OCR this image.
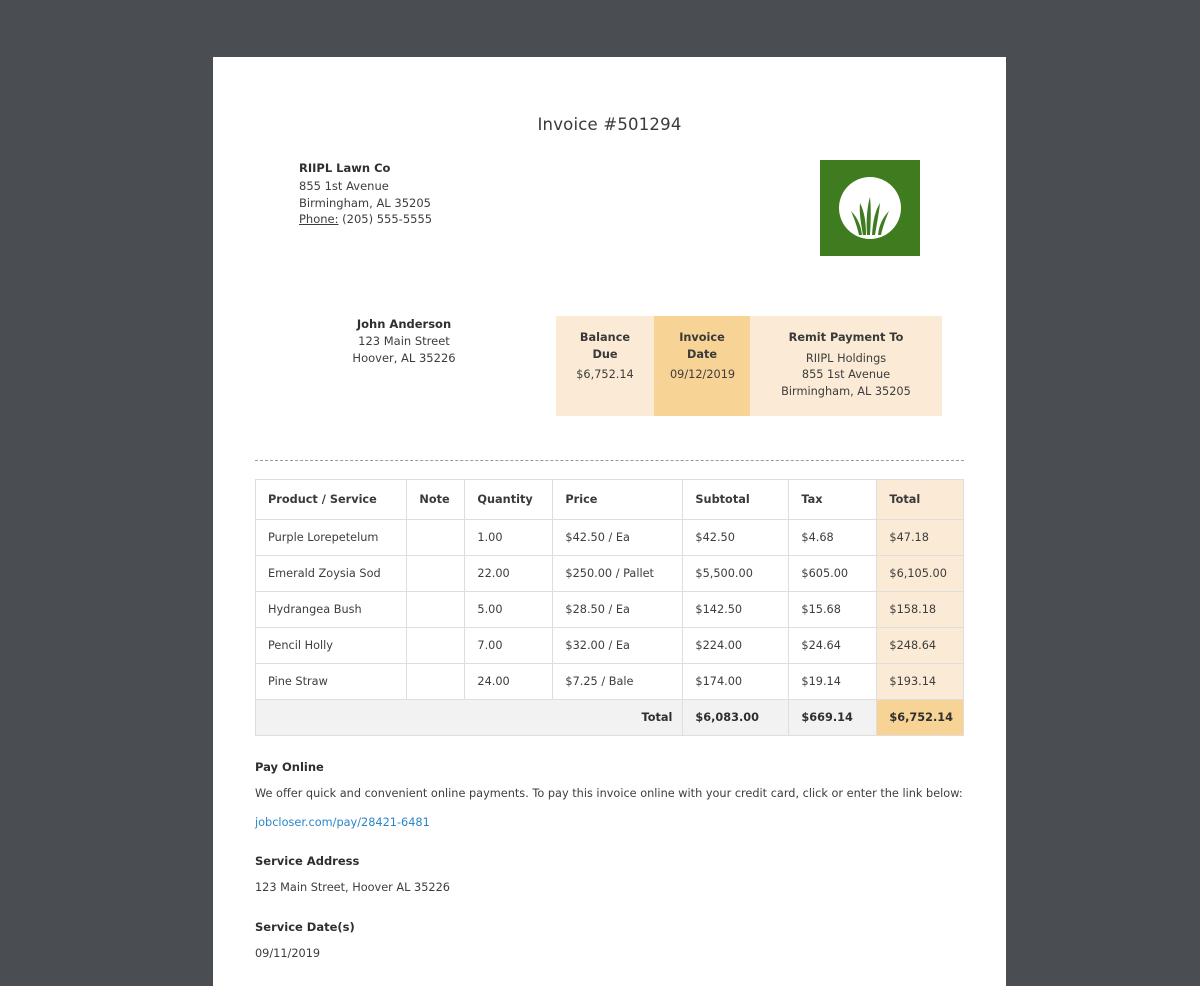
Invoice #501294
RIIPL Lawn Co
855 1st Avenue
Birmingham, AL 35205
Phone: (205) 555-5555
John Anderson
123 Main Street
Hoover, AL 35226
Balance Due
$6,752.14
Invoice Date
09/12/2019
Remit Payment To
RIIPL Holdings
855 1st Avenue
Birmingham, AL 35205
Product / Service	Note	Quantity	Price	Subtotal	Tax	Total
Purple Lorepetelum		1.00	$42.50 / Ea	$42.50	$4.68	$47.18
Emerald Zoysia Sod		22.00	$250.00 / Pallet	$5,500.00	$605.00	$6,105.00
Hydrangea Bush		5.00	$28.50 / Ea	$142.50	$15.68	$158.18
Pencil Holly		7.00	$32.00 / Ea	$224.00	$24.64	$248.64
Pine Straw		24.00	$7.25 / Bale	$174.00	$19.14	$193.14
Total				$6,083.00	$669.14	$6,752.14
Pay Online
We offer quick and convenient online payments. To pay this invoice online with your credit card, click or enter the link below:
jobcloser.com/pay/28421-6481
Service Address
123 Main Street, Hoover AL 35226
Service Date(s)
09/11/2019
